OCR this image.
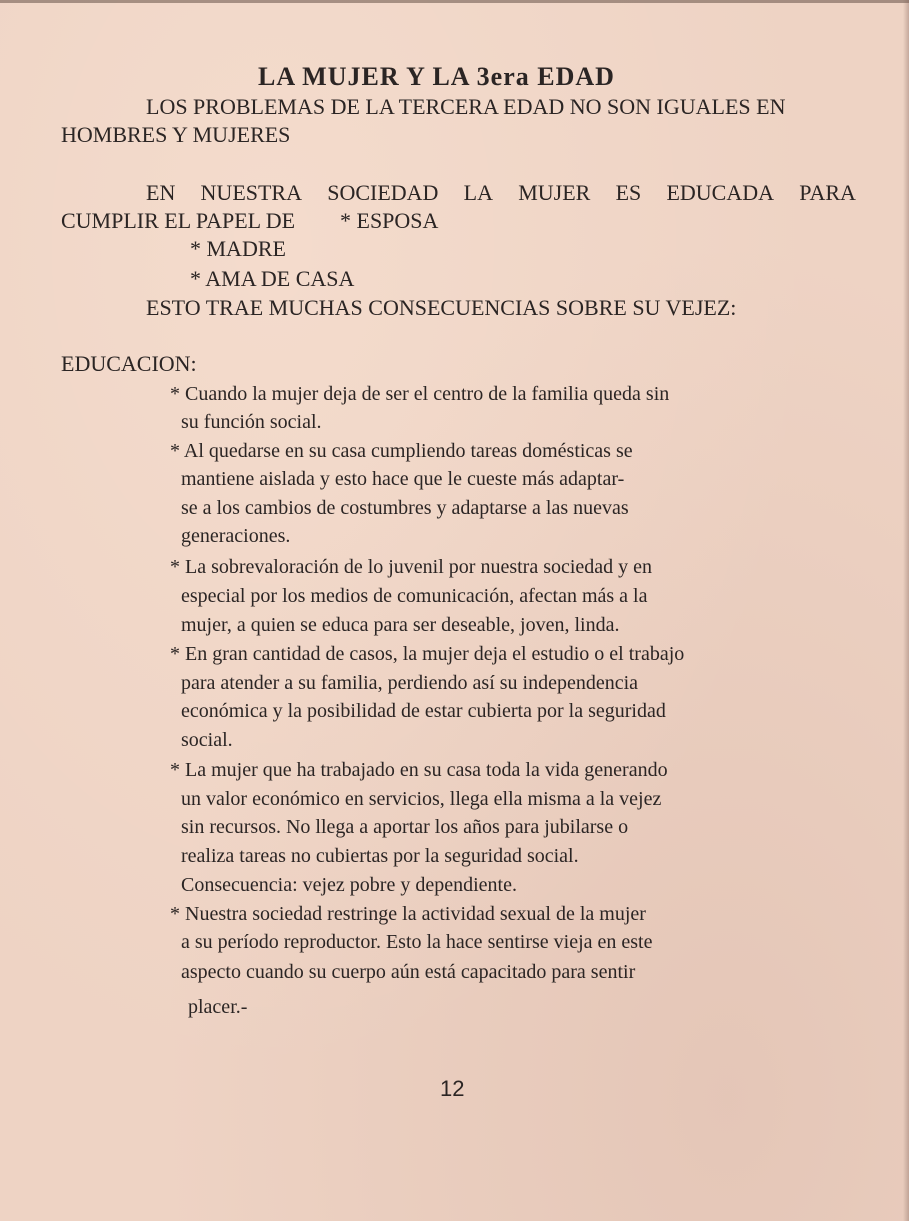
LA MUJER Y LA 3era EDAD
LOS PROBLEMAS DE LA TERCERA EDAD NO SON IGUALES EN
HOMBRES Y MUJERES
EN NUESTRA SOCIEDAD LA MUJER ES EDUCADA PARA
CUMPLIR EL PAPEL DE * ESPOSA
* MADRE
* AMA DE CASA
ESTO TRAE MUCHAS CONSECUENCIAS SOBRE SU VEJEZ:
EDUCACION:
* Cuando la mujer deja de ser el centro de la familia queda sin
su función social.
* Al quedarse en su casa cumpliendo tareas domésticas se
mantiene aislada y esto hace que le cueste más adaptar-
se a los cambios de costumbres y adaptarse a las nuevas
generaciones.
* La sobrevaloración de lo juvenil por nuestra sociedad y en
especial por los medios de comunicación, afectan más a la
mujer, a quien se educa para ser deseable, joven, linda.
* En gran cantidad de casos, la mujer deja el estudio o el trabajo
para atender a su familia, perdiendo así su independencia
económica y la posibilidad de estar cubierta por la seguridad
social.
* La mujer que ha trabajado en su casa toda la vida generando
un valor económico en servicios, llega ella misma a la vejez
sin recursos. No llega a aportar los años para jubilarse o
realiza tareas no cubiertas por la seguridad social.
Consecuencia: vejez pobre y dependiente.
* Nuestra sociedad restringe la actividad sexual de la mujer
a su período reproductor. Esto la hace sentirse vieja en este
aspecto cuando su cuerpo aún está capacitado para sentir
placer.-
12
